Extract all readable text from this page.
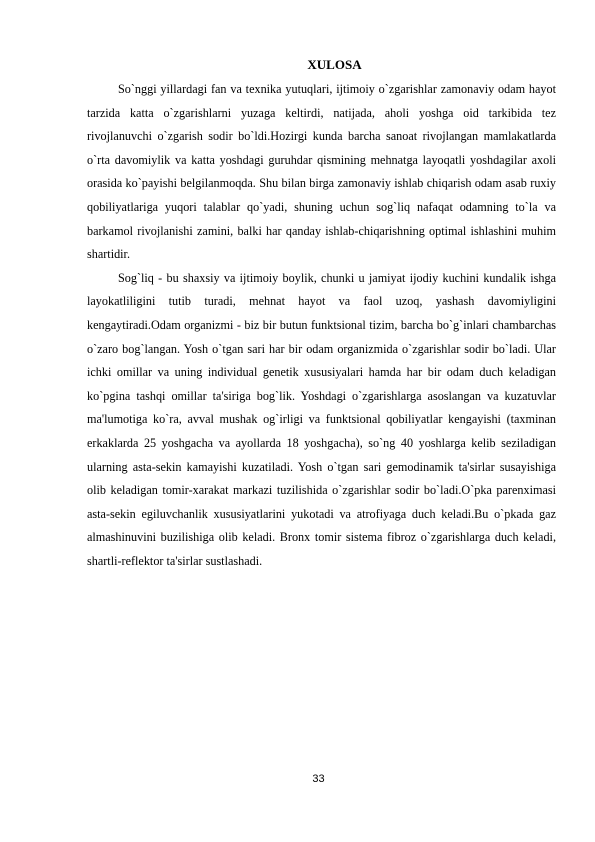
XULOSA

So`nggi yillardagi fan va texnika yutuqlari, ijtimoiy o`zgarishlar zamonaviy odam hayot tarzida katta o`zgarishlarni yuzaga keltirdi, natijada, aholi yoshga oid tarkibida tez rivojlanuvchi o`zgarish sodir bo`ldi.Hozirgi kunda barcha sanoat rivojlangan mamlakatlarda o`rta davomiylik va katta yoshdagi guruhdar qismining mehnatga layoqatli yoshdagilar axoli orasida ko`payishi belgilanmoqda. Shu bilan birga zamonaviy ishlab chiqarish odam asab ruxiy qobiliyatlariga yuqori talablar qo`yadi, shuning uchun sog`liq nafaqat odamning to`la va barkamol rivojlanishi zamini, balki har qanday ishlab-chiqarishning optimal ishlashini muhim shartidir.

Sog`liq - bu shaxsiy va ijtimoiy boylik, chunki u jamiyat ijodiy kuchini kundalik ishga layokatliligini tutib turadi, mehnat hayot va faol uzoq, yashash davomiyligini kengaytiradi.Odam organizmi - biz bir butun funktsional tizim, barcha bo`g`inlari chambarchas o`zaro bog`langan. Yosh o`tgan sari har bir odam organizmida o`zgarishlar sodir bo`ladi. Ular ichki omillar va uning individual genetik xususiyalari hamda har bir odam duch keladigan ko`pgina tashqi omillar ta'siriga bog`lik. Yoshdagi o`zgarishlarga asoslangan va kuzatuvlar ma'lumotiga ko`ra, avval mushak og`irligi va funktsional qobiliyatlar kengayishi (taxminan erkaklarda 25 yoshgacha va ayollarda 18 yoshgacha), so`ng 40 yoshlarga kelib seziladigan ularning asta-sekin kamayishi kuzatiladi. Yosh o`tgan sari gemodinamik ta'sirlar susayishiga olib keladigan tomir-xarakat markazi tuzilishida o`zgarishlar sodir bo`ladi.O`pka parenximasi asta-sekin egiluvchanlik xususiyatlarini yukotadi va atrofiyaga duch keladi.Bu o`pkada gaz almashinuvini buzilishiga olib keladi. Bronx tomir sistema fibroz o`zgarishlarga duch keladi, shartli-reflektor ta'sirlar sustlashadi.

33
